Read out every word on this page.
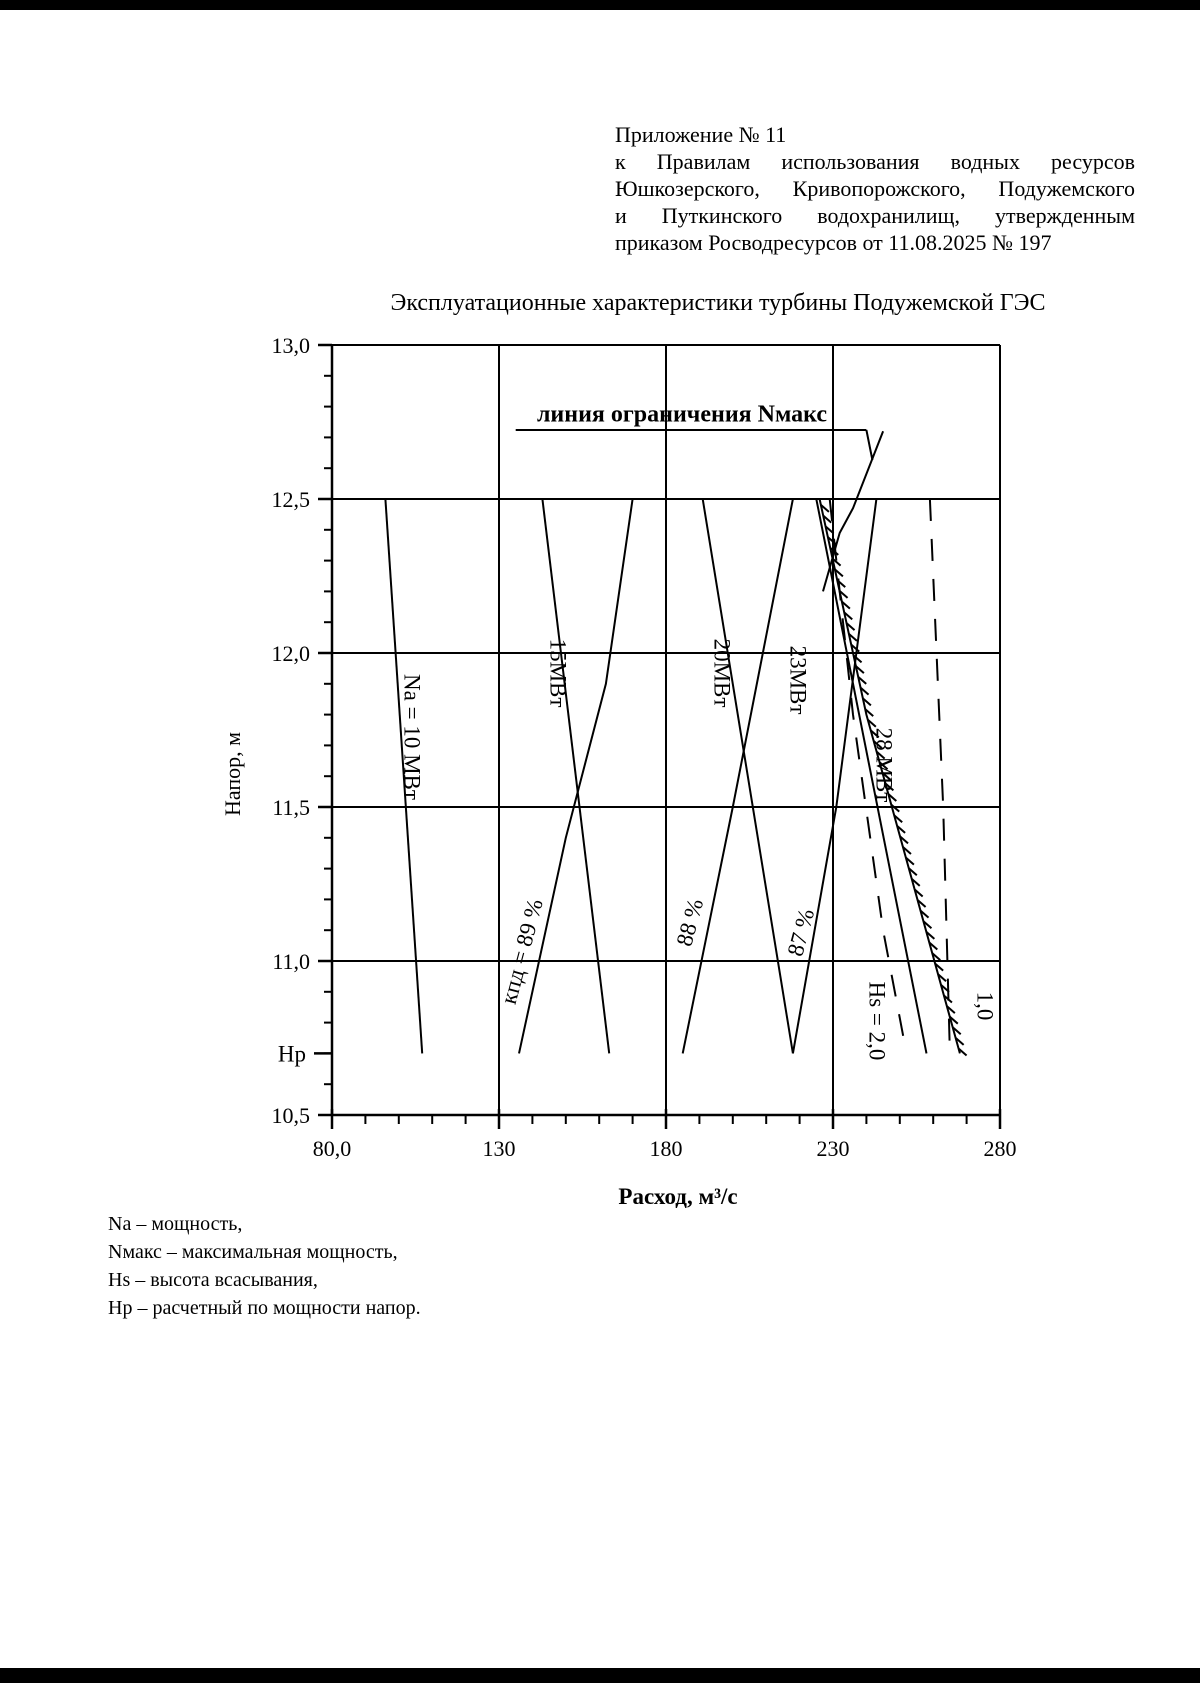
Приложение № 11
к Правилам использования водных ресурсов
Юшкозерского, Кривопорожского, Подужемского
и Путкинского водохранилищ, утвержденным
приказом Росводресурсов от 11.08.2025 № 197
Эксплуатационные характеристики турбины Подужемской ГЭС
80,0	130	180	230	280
10,5
11,0
11,5
12,0
12,5
13,0
Hp
линия ограничения Nмакс
Na = 10 МВт
15МВт	20МВт 23МВт
28 МВт
кпд = 89 %	88 %	87 %
Hs = 2,0	1,0
Напор, м
Расход, м³/с
Na – мощность,
Nмакс – максимальная мощность,
Hs – высота всасывания,
Hp – расчетный по мощности напор.
